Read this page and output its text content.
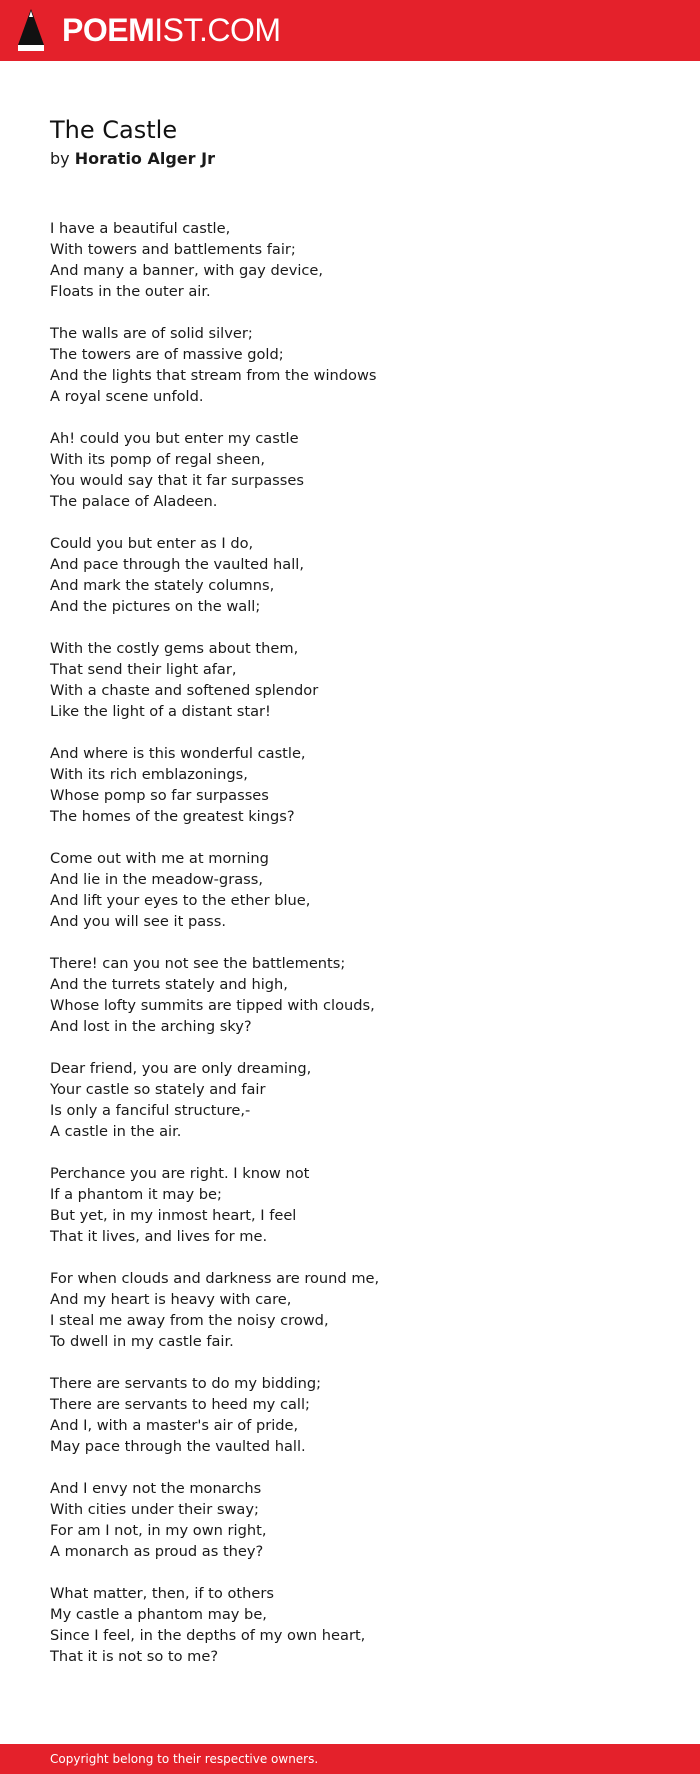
POEMIST.COM
The Castle
by Horatio Alger Jr
I have a beautiful castle,
With towers and battlements fair;
And many a banner, with gay device,
Floats in the outer air.
The walls are of solid silver;
The towers are of massive gold;
And the lights that stream from the windows
A royal scene unfold.
Ah! could you but enter my castle
With its pomp of regal sheen,
You would say that it far surpasses
The palace of Aladeen.
Could you but enter as I do,
And pace through the vaulted hall,
And mark the stately columns,
And the pictures on the wall;
With the costly gems about them,
That send their light afar,
With a chaste and softened splendor
Like the light of a distant star!
And where is this wonderful castle,
With its rich emblazonings,
Whose pomp so far surpasses
The homes of the greatest kings?
Come out with me at morning
And lie in the meadow-grass,
And lift your eyes to the ether blue,
And you will see it pass.
There! can you not see the battlements;
And the turrets stately and high,
Whose lofty summits are tipped with clouds,
And lost in the arching sky?
Dear friend, you are only dreaming,
Your castle so stately and fair
Is only a fanciful structure,-
A castle in the air.
Perchance you are right. I know not
If a phantom it may be;
But yet, in my inmost heart, I feel
That it lives, and lives for me.
For when clouds and darkness are round me,
And my heart is heavy with care,
I steal me away from the noisy crowd,
To dwell in my castle fair.
There are servants to do my bidding;
There are servants to heed my call;
And I, with a master's air of pride,
May pace through the vaulted hall.
And I envy not the monarchs
With cities under their sway;
For am I not, in my own right,
A monarch as proud as they?
What matter, then, if to others
My castle a phantom may be,
Since I feel, in the depths of my own heart,
That it is not so to me?
Copyright belong to their respective owners.
